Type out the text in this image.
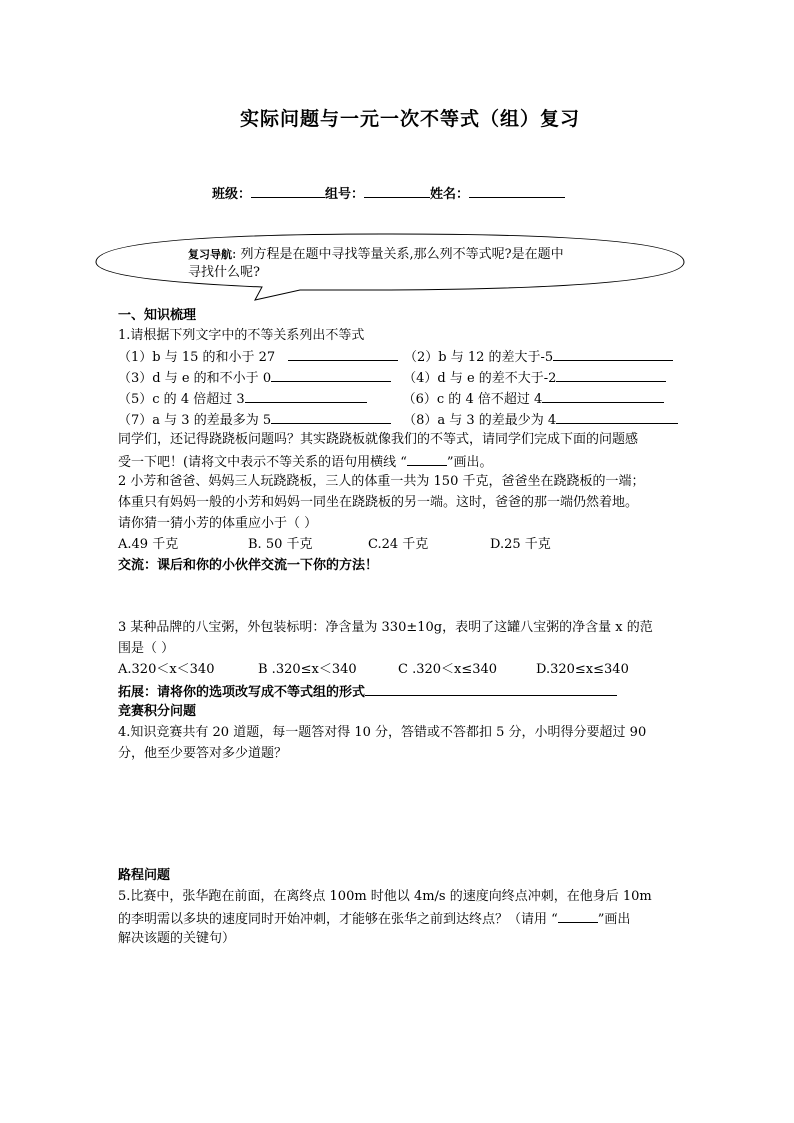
实际问题与一元一次不等式（组）复习
班级：	组号：	姓名：
复习导航: 列方程是在题中寻找等量关系,那么列不等式呢?是在题中
寻找什么呢?
一、知识梳理
1.请根据下列文字中的不等关系列出不等式
（1）b 与 15 的和小于 27	（2）b 与 12 的差大于-5
（3）d 与 e 的和不小于 0	（4）d 与 e 的差不大于-2
（5）c 的 4 倍超过 3	（6）c 的 4 倍不超过 4
（7）a 与 3 的差最多为 5	（8）a 与 3 的差最少为 4
同学们，还记得跷跷板问题吗？其实跷跷板就像我们的不等式，请同学们完成下面的问题感
受一下吧！(请将文中表示不等关系的语句用横线 “	”画出。
2 小芳和爸爸、妈妈三人玩跷跷板，三人的体重一共为 150 千克，爸爸坐在跷跷板的一端；
体重只有妈妈一般的小芳和妈妈一同坐在跷跷板的另一端。这时，爸爸的那一端仍然着地。
请你猜一猜小芳的体重应小于（ ）
A.49 千克	B. 50 千克	C.24 千克	D.25 千克
交流：课后和你的小伙伴交流一下你的方法！
3 某种品牌的八宝粥，外包装标明：净含量为 330±10g，表明了这罐八宝粥的净含量 x 的范
围是（ ）
A.320＜x＜340	B .320≤x＜340	C .320＜x≤340	D.320≤x≤340
拓展：请将你的选项改写成不等式组的形式
竞赛积分问题
4.知识竞赛共有 20 道题，每一题答对得 10 分，答错或不答都扣 5 分，小明得分要超过 90
分，他至少要答对多少道题？
路程问题
5.比赛中，张华跑在前面，在离终点 100m 时他以 4m/s 的速度向终点冲刺，在他身后 10m
的李明需以多块的速度同时开始冲刺，才能够在张华之前到达终点？（请用 “	”画出
解决该题的关键句）
